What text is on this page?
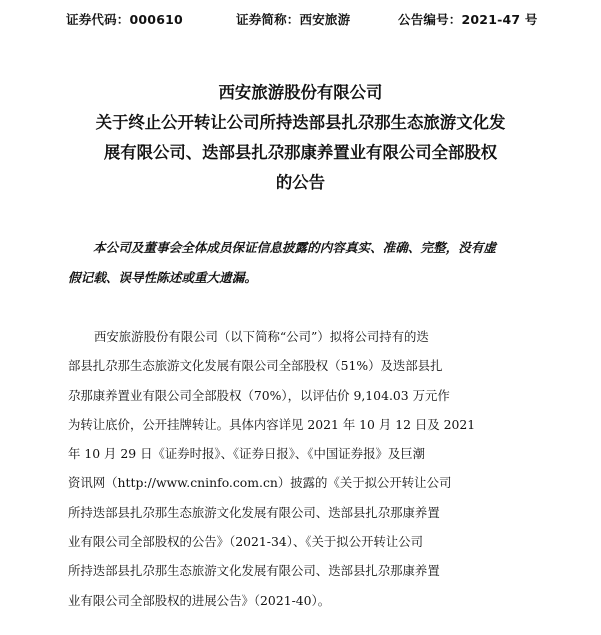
证券代码：000610	证券简称：西安旅游	公告编号：2021-47 号
西安旅游股份有限公司
关于终止公开转让公司所持迭部县扎尕那生态旅游文化发
展有限公司、迭部县扎尕那康养置业有限公司全部股权
的公告
本公司及董事会全体成员保证信息披露的内容真实、准确、完整，没有虚
假记载、误导性陈述或重大遗漏。
西安旅游股份有限公司（以下简称“公司”）拟将公司持有的迭
部县扎尕那生态旅游文化发展有限公司全部股权（51%）及迭部县扎
尕那康养置业有限公司全部股权（70%），以评估价 9,104.03 万元作
为转让底价，公开挂牌转让。具体内容详见 2021 年 10 月 12 日及 2021
年 10 月 29 日《证券时报》、《证券日报》、《中国证券报》及巨潮
资讯网（http://www.cninfo.com.cn）披露的《关于拟公开转让公司
所持迭部县扎尕那生态旅游文化发展有限公司、迭部县扎尕那康养置
业有限公司全部股权的公告》（2021-34）、《关于拟公开转让公司
所持迭部县扎尕那生态旅游文化发展有限公司、迭部县扎尕那康养置
业有限公司全部股权的进展公告》（2021-40）。
